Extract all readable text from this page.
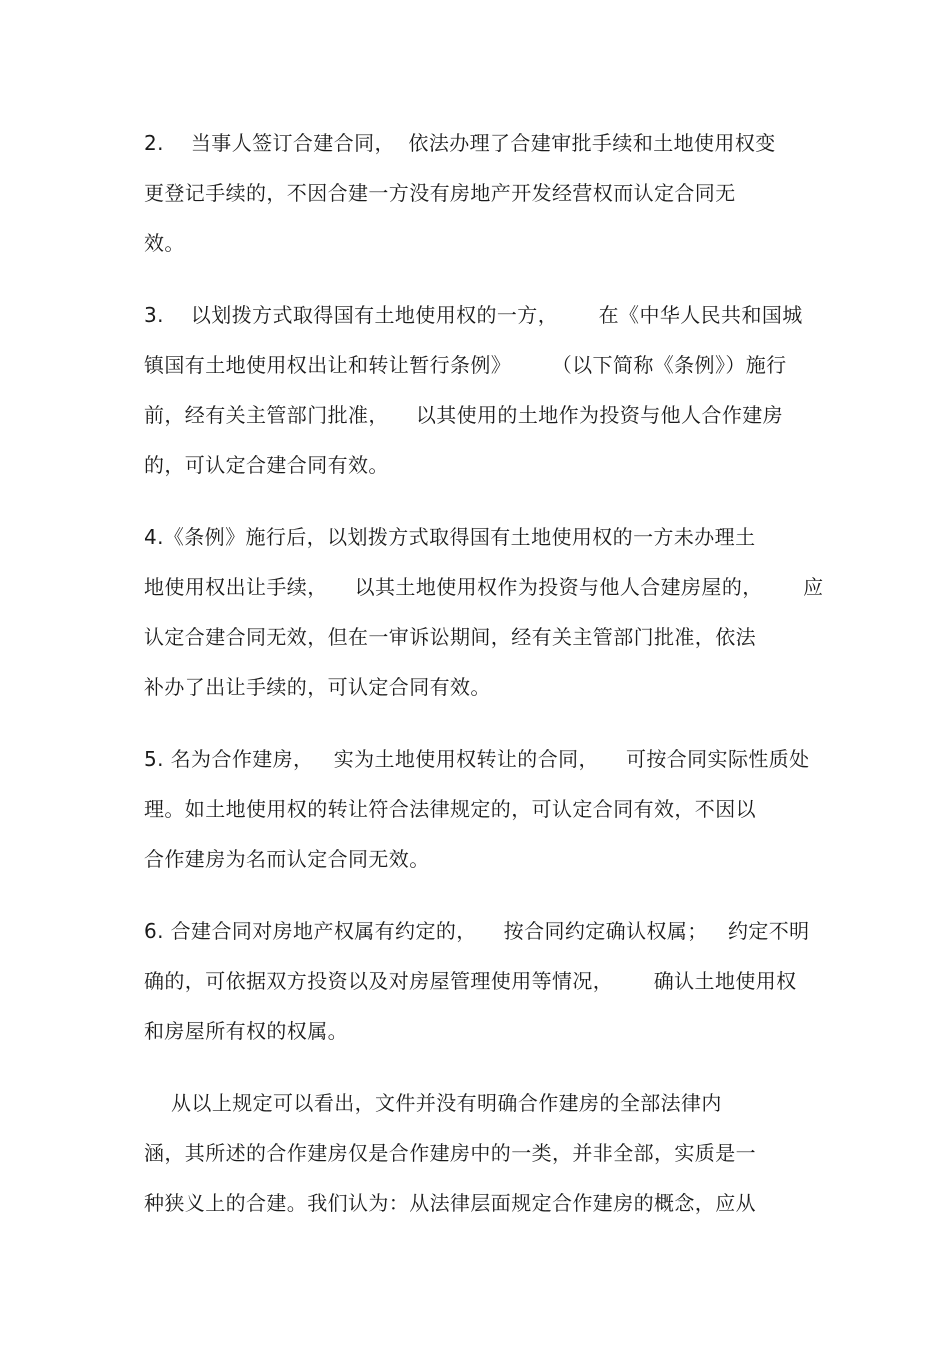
2.    当事人签订合建合同，  依法办理了合建审批手续和土地使用权变
更登记手续的，不因合建一方没有房地产开发经营权而认定合同无
效。
3.    以划拨方式取得国有土地使用权的一方，      在《中华人民共和国城
镇国有土地使用权出让和转让暂行条例》      （以下简称《条例》）施行
前，经有关主管部门批准，    以其使用的土地作为投资与他人合作建房
的，可认定合建合同有效。
4.《条例》施行后，以划拨方式取得国有土地使用权的一方未办理土
地使用权出让手续，    以其土地使用权作为投资与他人合建房屋的，      应
认定合建合同无效，但在一审诉讼期间，经有关主管部门批准，依法
补办了出让手续的，可认定合同有效。
5. 名为合作建房，   实为土地使用权转让的合同，    可按合同实际性质处
理。如土地使用权的转让符合法律规定的，可认定合同有效，不因以
合作建房为名而认定合同无效。
6. 合建合同对房地产权属有约定的，    按合同约定确认权属；   约定不明
确的，可依据双方投资以及对房屋管理使用等情况，      确认土地使用权
和房屋所有权的权属。
从以上规定可以看出，文件并没有明确合作建房的全部法律内
涵，其所述的合作建房仅是合作建房中的一类，并非全部，实质是一
种狭义上的合建。我们认为：从法律层面规定合作建房的概念，应从
